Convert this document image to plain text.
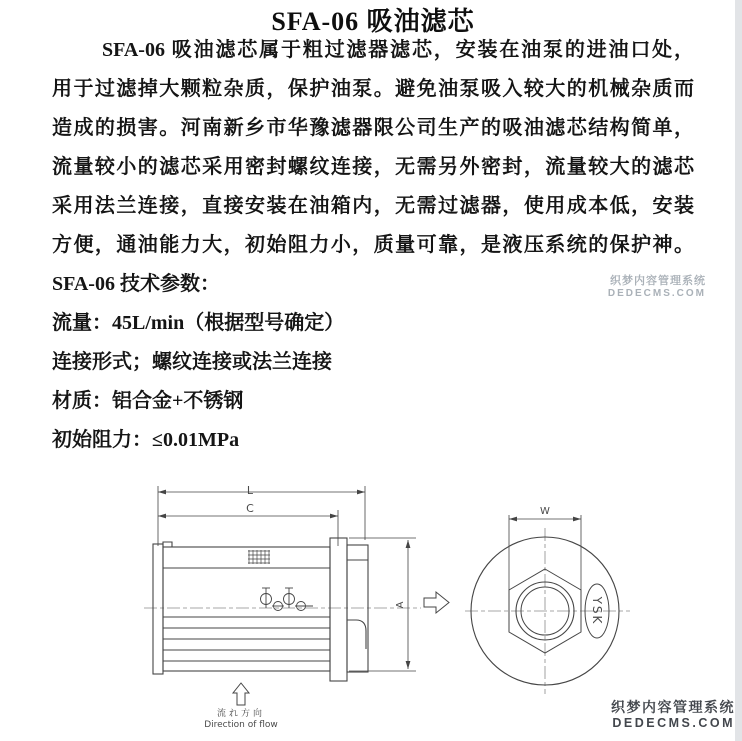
SFA-06 吸油滤芯
SFA-06 吸油滤芯属于粗过滤器滤芯，安装在油泵的进油口处，
用于过滤掉大颗粒杂质，保护油泵。避免油泵吸入较大的机械杂质而
造成的损害。河南新乡市华豫滤器限公司生产的吸油滤芯结构简单，
流量较小的滤芯采用密封螺纹连接，无需另外密封，流量较大的滤芯
采用法兰连接，直接安装在油箱内，无需过滤器，使用成本低，安装
方便，通油能力大，初始阻力小，质量可靠，是液压系统的保护神。
SFA-06 技术参数：
流量：45L/min（根据型号确定）
连接形式；螺纹连接或法兰连接
材质：铝合金+不锈钢
初始阻力：≤0.01MPa
L
C
A
W
YSK
流れ方向
Direction of flow
织梦内容管理系统
DEDECMS.COM
织梦内容管理系统
DEDECMS.COM
